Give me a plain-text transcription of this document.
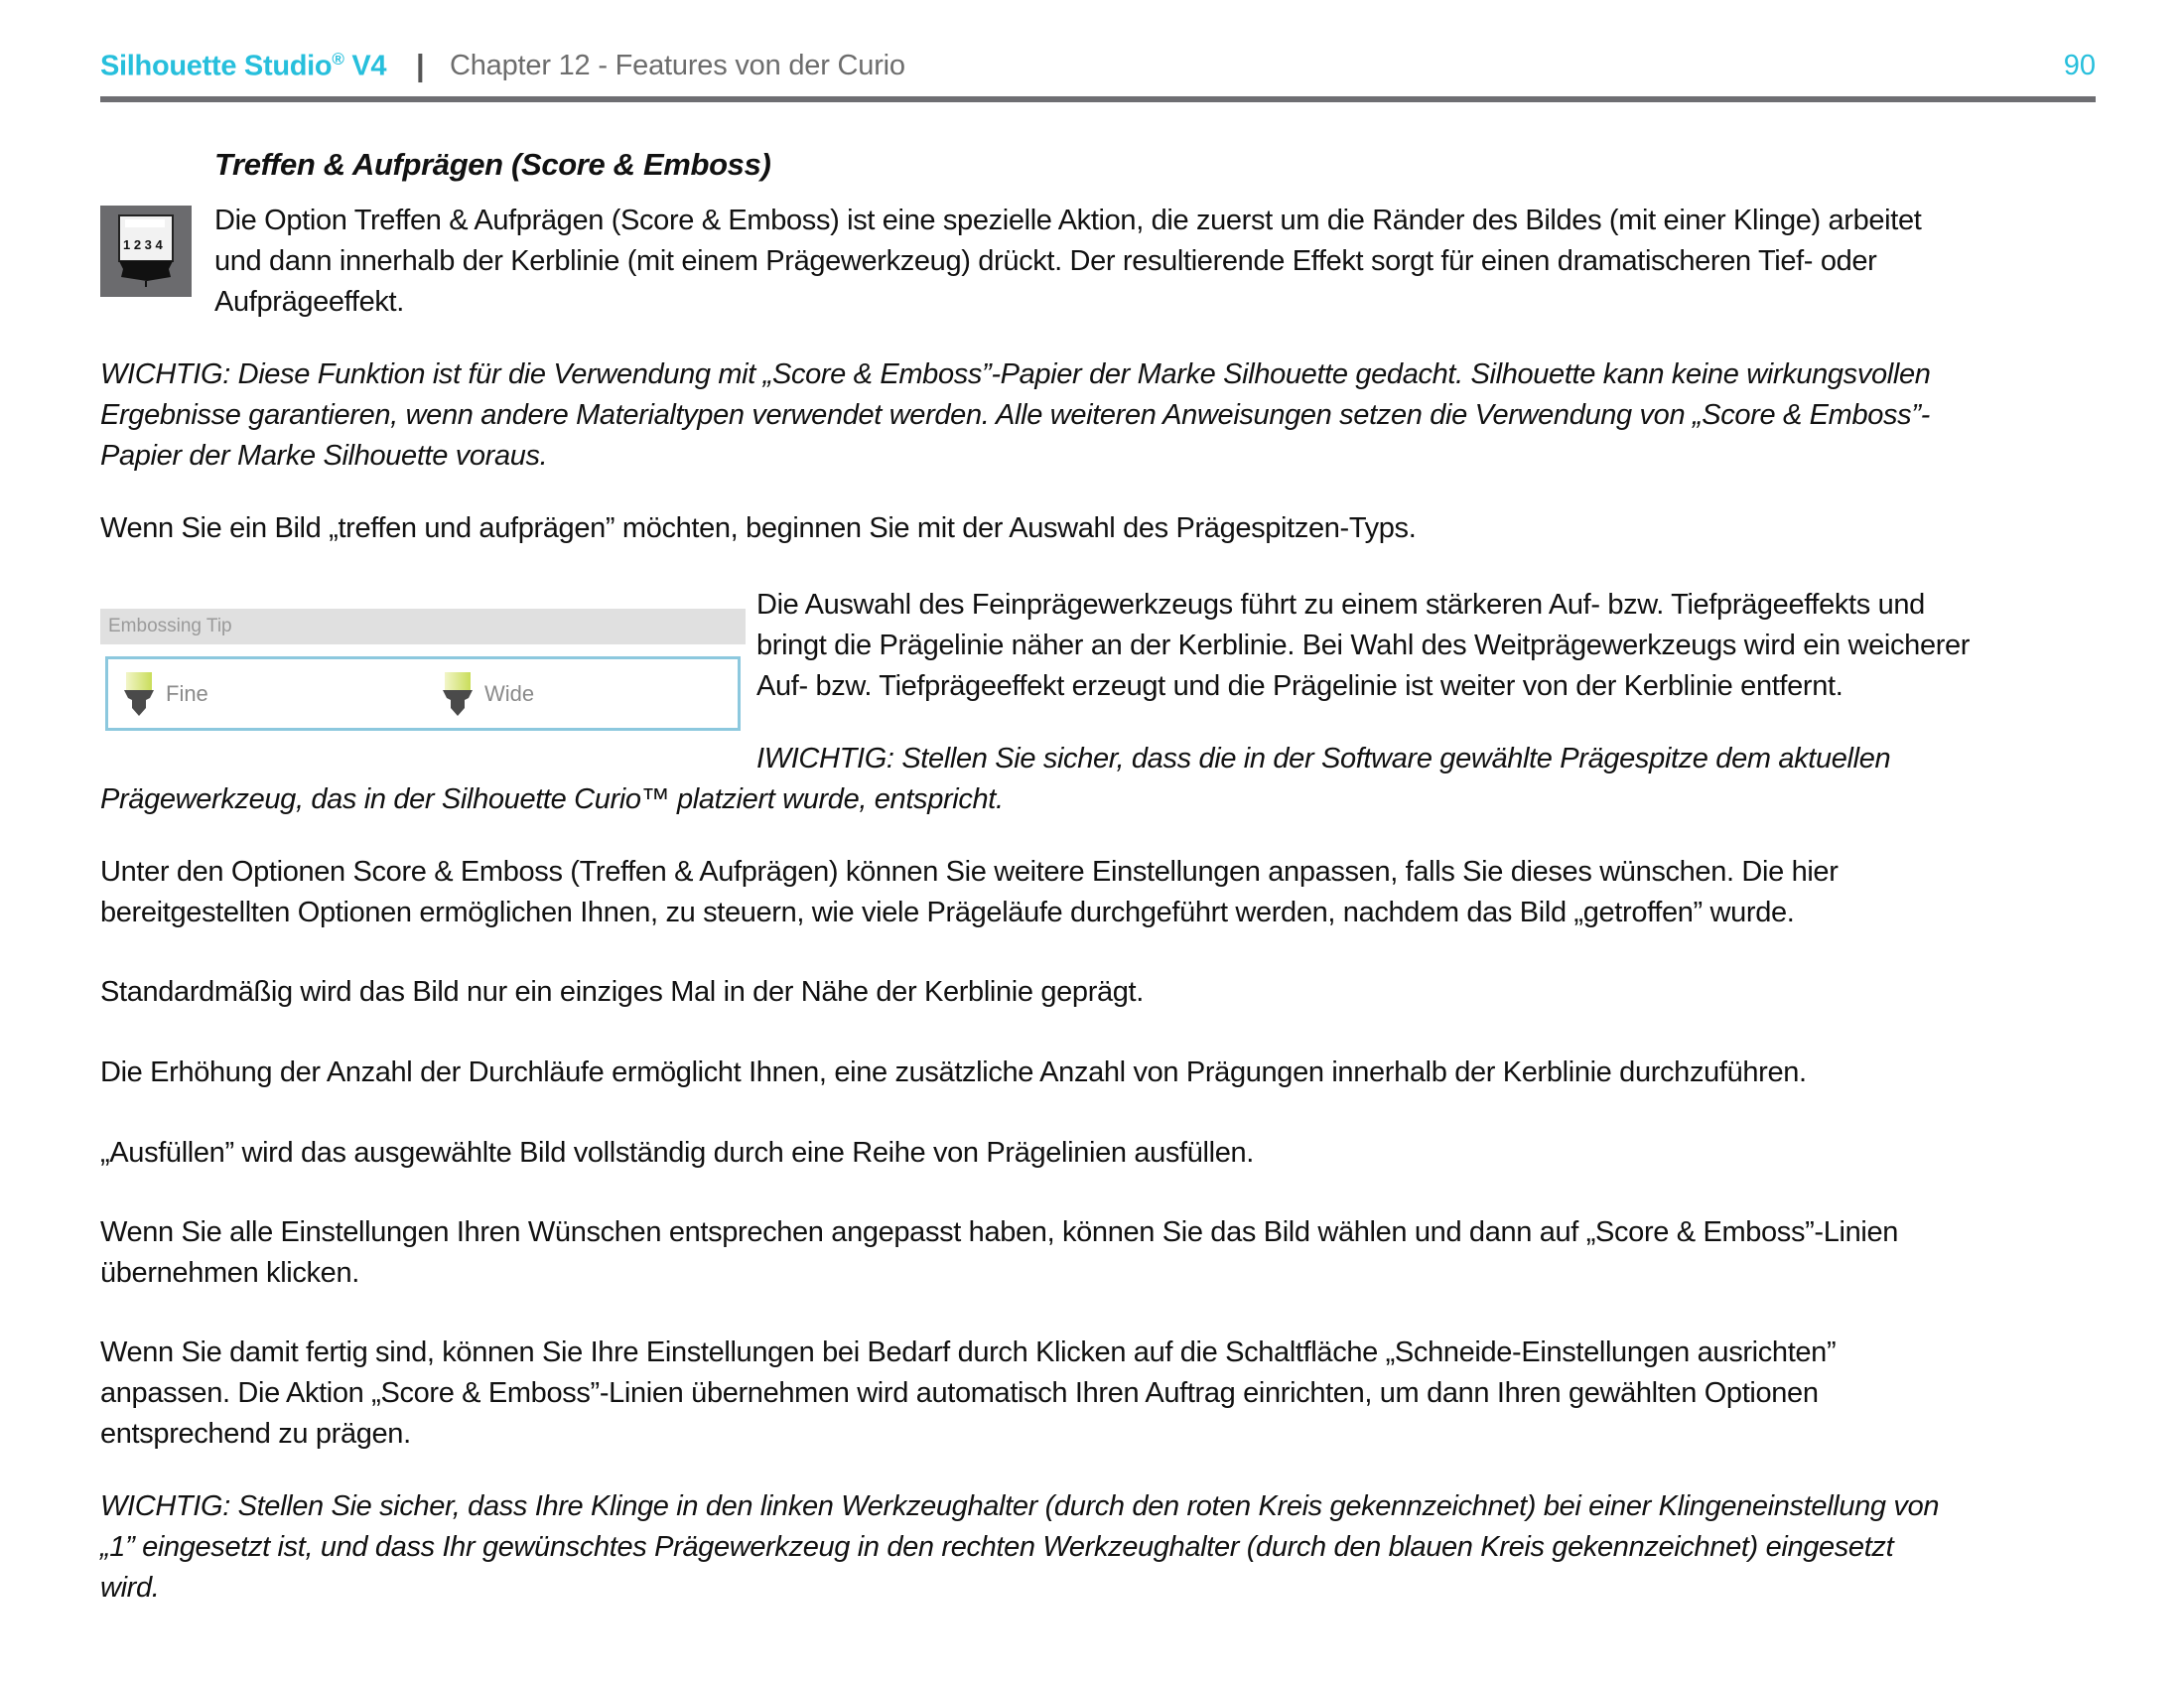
Silhouette Studio® V4 | Chapter 12 - Features von der Curio	90
Treffen & Aufprägen (Score & Emboss)
1 2 3 4
Die Option Treffen & Aufprägen (Score & Emboss) ist eine spezielle Aktion, die zuerst um die Ränder des Bildes (mit einer Klinge) arbeitet
und dann innerhalb der Kerblinie (mit einem Prägewerkzeug) drückt. Der resultierende Effekt sorgt für einen dramatischeren Tief- oder
Aufprägeeffekt.
WICHTIG: Diese Funktion ist für die Verwendung mit „Score & Emboss”-Papier der Marke Silhouette gedacht. Silhouette kann keine wirkungsvollen
Ergebnisse garantieren, wenn andere Materialtypen verwendet werden. Alle weiteren Anweisungen setzen die Verwendung von „Score & Emboss”-
Papier der Marke Silhouette voraus.
Wenn Sie ein Bild „treffen und aufprägen” möchten, beginnen Sie mit der Auswahl des Prägespitzen-Typs.
Embossing Tip
Fine	Wide
Die Auswahl des Feinprägewerkzeugs führt zu einem stärkeren Auf- bzw. Tiefprägeeffekts und
bringt die Prägelinie näher an der Kerblinie. Bei Wahl des Weitprägewerkzeugs wird ein weicherer
Auf- bzw. Tiefprägeeffekt erzeugt und die Prägelinie ist weiter von der Kerblinie entfernt.
IWICHTIG: Stellen Sie sicher, dass die in der Software gewählte Prägespitze dem aktuellen
Prägewerkzeug, das in der Silhouette Curio™ platziert wurde, entspricht.
Unter den Optionen Score & Emboss (Treffen & Aufprägen) können Sie weitere Einstellungen anpassen, falls Sie dieses wünschen. Die hier
bereitgestellten Optionen ermöglichen Ihnen, zu steuern, wie viele Prägeläufe durchgeführt werden, nachdem das Bild „getroffen” wurde.
Standardmäßig wird das Bild nur ein einziges Mal in der Nähe der Kerblinie geprägt.
Die Erhöhung der Anzahl der Durchläufe ermöglicht Ihnen, eine zusätzliche Anzahl von Prägungen innerhalb der Kerblinie durchzuführen.
„Ausfüllen” wird das ausgewählte Bild vollständig durch eine Reihe von Prägelinien ausfüllen.
Wenn Sie alle Einstellungen Ihren Wünschen entsprechen angepasst haben, können Sie das Bild wählen und dann auf „Score & Emboss”-Linien
übernehmen klicken.
Wenn Sie damit fertig sind, können Sie Ihre Einstellungen bei Bedarf durch Klicken auf die Schaltfläche „Schneide-Einstellungen ausrichten”
anpassen. Die Aktion „Score & Emboss”-Linien übernehmen wird automatisch Ihren Auftrag einrichten, um dann Ihren gewählten Optionen
entsprechend zu prägen.
WICHTIG: Stellen Sie sicher, dass Ihre Klinge in den linken Werkzeughalter (durch den roten Kreis gekennzeichnet) bei einer Klingeneinstellung von
„1” eingesetzt ist, und dass Ihr gewünschtes Prägewerkzeug in den rechten Werkzeughalter (durch den blauen Kreis gekennzeichnet) eingesetzt
wird.
